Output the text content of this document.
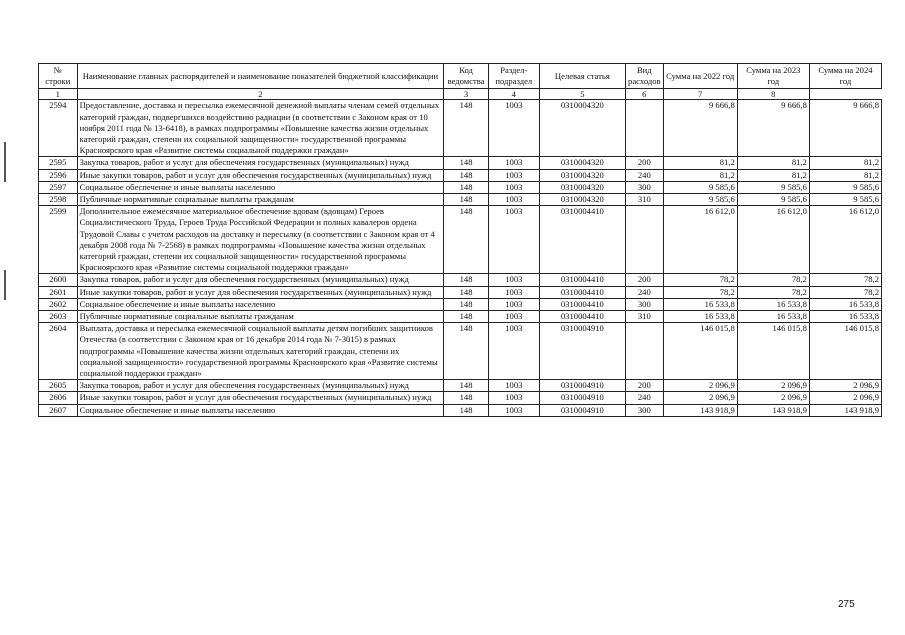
№ строки	Наименование главных распорядителей и наименование показателей бюджетной классификации	Код ведомства	Раздел-подраздел	Целевая статья	Вид расходов	Сумма на 2022 год	Сумма на 2023 год	Сумма на 2024 год
1	2	3	4	5	6	7	8	
2594	Предоставление, доставка и пересылка ежемесячной денежной выплаты членам семей отдельных категорий граждан, подвергшихся воздействию радиации (в соответствии с Законом края от 10 ноября 2011 года № 13-6418), в рамках подпрограммы «Повышение качества жизни отдельных категорий граждан, степени их социальной защищенности» государственной программы Красноярского края «Развитие системы социальной поддержки граждан»	148	1003	0310004320		9 666,8	9 666,8	9 666,8
2595	Закупка товаров, работ и услуг для обеспечения государственных (муниципальных) нужд	148	1003	0310004320	200	81,2	81,2	81,2
2596	Иные закупки товаров, работ и услуг для обеспечения государственных (муниципальных) нужд	148	1003	0310004320	240	81,2	81,2	81,2
2597	Социальное обеспечение и иные выплаты населению	148	1003	0310004320	300	9 585,6	9 585,6	9 585,6
2598	Публичные нормативные социальные выплаты гражданам	148	1003	0310004320	310	9 585,6	9 585,6	9 585,6
2599	Дополнительное ежемесячное материальное обеспечение вдовам (вдовцам) Героев Социалистического Труда, Героев Труда Российской Федерации и полных кавалеров ордена Трудовой Славы с учетом расходов на доставку и пересылку (в соответствии с Законом края от 4 декабря 2008 года № 7-2568) в рамках подпрограммы «Повышение качества жизни отдельных категорий граждан, степени их социальной защищенности» государственной программы Красноярского края «Развитие системы социальной поддержки граждан»	148	1003	0310004410		16 612,0	16 612,0	16 612,0
2600	Закупка товаров, работ и услуг для обеспечения государственных (муниципальных) нужд	148	1003	0310004410	200	78,2	78,2	78,2
2601	Иные закупки товаров, работ и услуг для обеспечения государственных (муниципальных) нужд	148	1003	0310004410	240	78,2	78,2	78,2
2602	Социальное обеспечение и иные выплаты населению	148	1003	0310004410	300	16 533,8	16 533,8	16 533,8
2603	Публичные нормативные социальные выплаты гражданам	148	1003	0310004410	310	16 533,8	16 533,8	16 533,8
2604	Выплата, доставка и пересылка ежемесячной социальной выплаты детям погибших защитников Отечества (в соответствии с Законом края от 16 декабря 2014 года № 7-3015) в рамках подпрограммы «Повышение качества жизни отдельных категорий граждан, степени их социальной защищенности» государственной программы Красноярского края «Развитие системы социальной поддержки граждан»	148	1003	0310004910		146 015,8	146 015,8	146 015,8
2605	Закупка товаров, работ и услуг для обеспечения государственных (муниципальных) нужд	148	1003	0310004910	200	2 096,9	2 096,9	2 096,9
2606	Иные закупки товаров, работ и услуг для обеспечения государственных (муниципальных) нужд	148	1003	0310004910	240	2 096,9	2 096,9	2 096,9
2607	Социальное обеспечение и иные выплаты населению	148	1003	0310004910	300	143 918,9	143 918,9	143 918,9
275
